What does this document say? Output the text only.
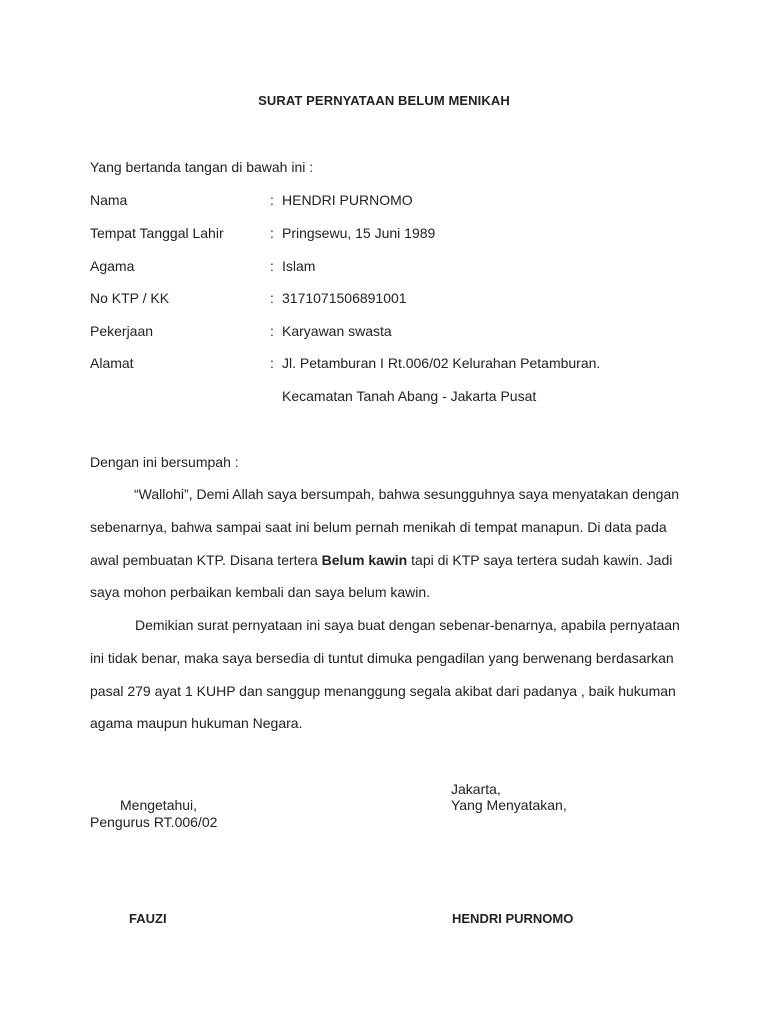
SURAT PERNYATAAN BELUM MENIKAH
Yang bertanda tangan di bawah ini :
Nama	: HENDRI PURNOMO
Tempat Tanggal Lahir	: Pringsewu, 15 Juni 1989
Agama	: Islam
No KTP / KK	: 3171071506891001
Pekerjaan	: Karyawan swasta
Alamat	: Jl. Petamburan I Rt.006/02 Kelurahan Petamburan.
Kecamatan Tanah Abang - Jakarta Pusat
Dengan ini bersumpah :
“Wallohi”, Demi Allah saya bersumpah, bahwa sesungguhnya saya menyatakan dengan
sebenarnya, bahwa sampai saat ini belum pernah menikah di tempat manapun. Di data pada
awal pembuatan KTP. Disana tertera Belum kawin tapi di KTP saya tertera sudah kawin. Jadi
saya mohon perbaikan kembali dan saya belum kawin.
Demikian surat pernyataan ini saya buat dengan sebenar-benarnya, apabila pernyataan
ini tidak benar, maka saya bersedia di tuntut dimuka pengadilan yang berwenang berdasarkan
pasal 279 ayat 1 KUHP dan sanggup menanggung segala akibat dari padanya , baik hukuman
agama maupun hukuman Negara.
Jakarta,
Mengetahui,	Yang Menyatakan,
Pengurus RT.006/02
FAUZI	HENDRI PURNOMO
